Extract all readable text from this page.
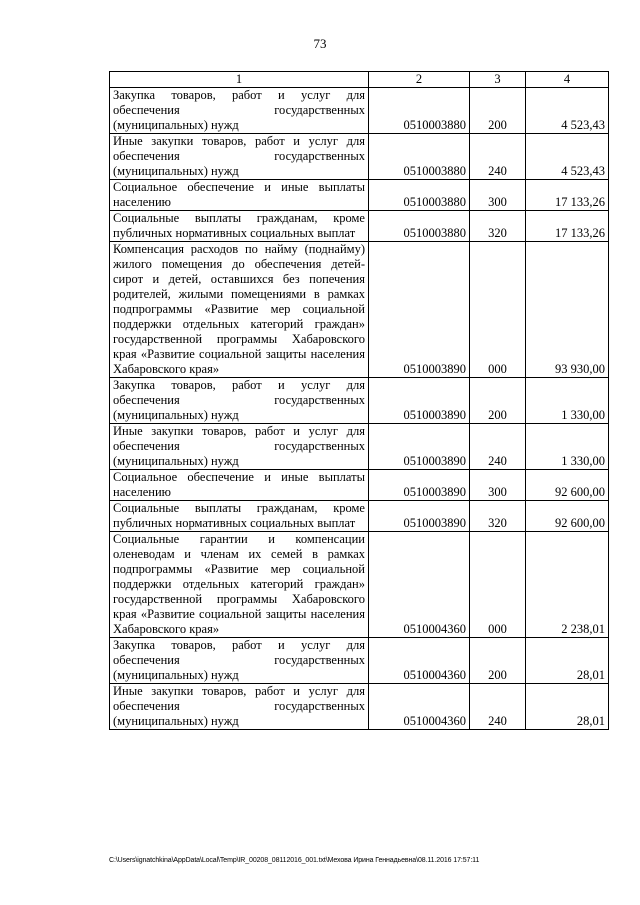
73
1	2	3	4
Закупка товаров, работ и услуг для обеспечения государственных (муниципальных) нужд	0510003880	200	4 523,43
Иные закупки товаров, работ и услуг для обеспечения государственных (муниципальных) нужд	0510003880	240	4 523,43
Социальное обеспечение и иные выплаты населению	0510003880	300	17 133,26
Социальные выплаты гражданам, кроме публичных нормативных социальных выплат	0510003880	320	17 133,26
Компенсация расходов по найму (поднайму) жилого помещения до обеспечения детей-сирот и детей, оставшихся без попечения родителей, жилыми помещениями в рамках подпрограммы «Развитие мер социальной поддержки отдельных категорий граждан» государственной программы Хабаровского края «Развитие социальной защиты населения Хабаровского края»	0510003890	000	93 930,00
Закупка товаров, работ и услуг для обеспечения государственных (муниципальных) нужд	0510003890	200	1 330,00
Иные закупки товаров, работ и услуг для обеспечения государственных (муниципальных) нужд	0510003890	240	1 330,00
Социальное обеспечение и иные выплаты населению	0510003890	300	92 600,00
Социальные выплаты гражданам, кроме публичных нормативных социальных выплат	0510003890	320	92 600,00
Социальные гарантии и компенсации оленеводам и членам их семей в рамках подпрограммы «Развитие мер социальной поддержки отдельных категорий граждан» государственной программы Хабаровского края «Развитие социальной защиты населения Хабаровского края»	0510004360	000	2 238,01
Закупка товаров, работ и услуг для обеспечения государственных (муниципальных) нужд	0510004360	200	28,01
Иные закупки товаров, работ и услуг для обеспечения государственных (муниципальных) нужд	0510004360	240	28,01
C:\Users\ignatchkina\AppData\Local\Temp\IR_00208_08112016_001.txt\Мехова Ирина Геннадьевна\08.11.2016 17:57:11
